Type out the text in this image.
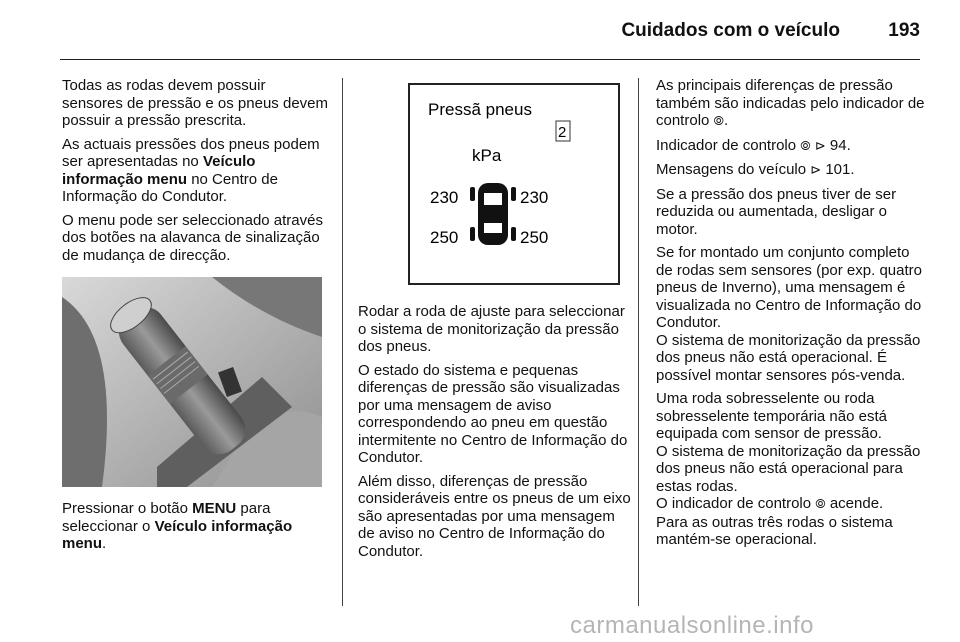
Cuidados com o veículo	193

Todas as rodas devem possuir sensores de pressão e os pneus devem possuir a pressão prescrita.

As actuais pressões dos pneus podem ser apresentadas no Veículo informação menu no Centro de Informação do Condutor.

O menu pode ser seleccionado através dos botões na alavanca de sinalização de mudança de direcção.

Pressionar o botão MENU para seleccionar o Veículo informação menu.

Pressã pneus
2
kPa
230	230
250	250

Rodar a roda de ajuste para seleccionar o sistema de monitorização da pressão dos pneus.

O estado do sistema e pequenas diferenças de pressão são visualizadas por uma mensagem de aviso correspondendo ao pneu em questão intermitente no Centro de Informação do Condutor.

Além disso, diferenças de pressão consideráveis entre os pneus de um eixo são apresentadas por uma mensagem de aviso no Centro de Informação do Condutor.

As principais diferenças de pressão também são indicadas pelo indicador de controlo ⦾.

Indicador de controlo ⦾ ⊳ 94.

Mensagens do veículo ⊳ 101.

Se a pressão dos pneus tiver de ser reduzida ou aumentada, desligar o motor.

Se for montado um conjunto completo de rodas sem sensores (por exp. quatro pneus de Inverno), uma mensagem é visualizada no Centro de Informação do Condutor.

O sistema de monitorização da pressão dos pneus não está operacional. É possível montar sensores pós-venda.

Uma roda sobresselente ou roda sobresselente temporária não está equipada com sensor de pressão.

O sistema de monitorização da pressão dos pneus não está operacional para estas rodas.

O indicador de controlo ⦾ acende.

Para as outras três rodas o sistema mantém-se operacional.

carmanualsonline.info
